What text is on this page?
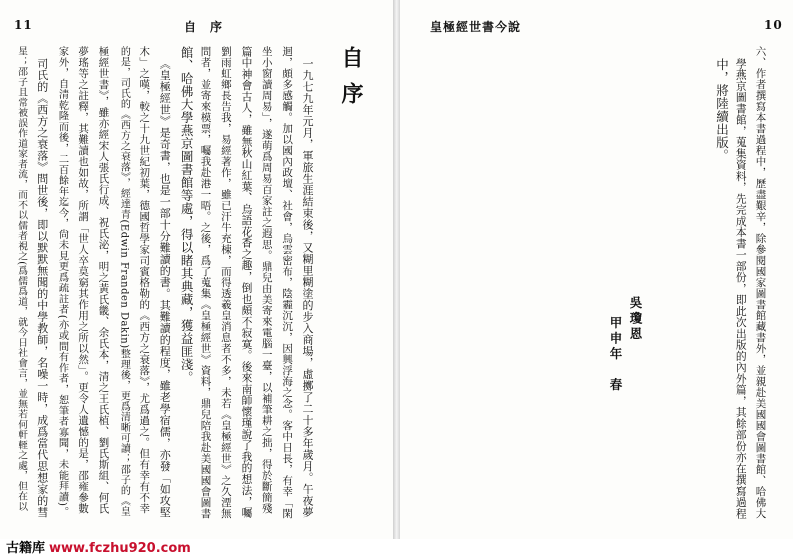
11	自序
自序
一九七九年元月，軍旅生涯結束後，又糊里糊塗的步入商場，虛擲了二十多年歲月。午夜夢
迴，頗多感觸。加以國內政壇、社會，烏雲密布，陰霾沉沉，因興浮海之念。客中日長，有幸「閑
坐小窗讀周易」，遂萌爲周易百家註之遐思。鼎兒由美寄來電腦一臺，以補筆耕之拙，得於斷簡殘
篇中神會古人，雖無秋山紅葉、烏語花香之趣，倒也頗不寂寞。後來南師懷瑾說了我的想法，囑
劉雨虹鄉長告我，易經著作，雖已汗牛充棟，而得透羲皇消息者不多，未若《皇極經世》之久湮無
問者，並寄來模票，囑我赴港一晤。之後，爲了蒐集《皇極經世》資料，鼎兒陪我赴美國國會圖書
館、哈佛大學燕京圖書館等處，得以睹其典藏，獲益匪淺。
《皇極經世》是奇書，也是一部十分難讀的書。其難讀的程度，雖老學宿儒，亦發「如攻堅
木」之嘆，較之十九世紀初葉，德國哲學家司賓格勒的《西方之衰落》，尤爲過之。但有幸有不幸
的是，司氏的《西方之衰落》，經達青(Edwin Franden Dakin)整理後，更爲清晰可讀；邵子的《皇
極經世書》，雖亦經宋人張氏行成、祝氏泌，明之黃氏畿、余氏本，清之王氏植、劉氏斯組、何氏
夢瑤等之註釋，其難讀也如故，所謂「世人卒莫窮其作用之所以然」。更令人遺憾的是，邵雍參數
家外，自清乾隆而後，二百餘年迄今，尙未見更爲疏註者(亦或間有作者，恕筆者寡聞，未能拜讀)。
司氏的《西方之衰落》問世後，即以默默無聞的中學教師，名噪一時，成爲當代思想家的彗
星；邵子且常被誤作道家者流，而不以儒者視之(爲儒爲道，就今日社會言，並無若何軒輊之處，但在以
皇極經世書今說	10
六、作者撰寫本書過程中，歷盡艱辛，除參閱國家圖書館藏書外，並親赴美國國會圖書館、哈佛大
學燕京圖書館，蒐集資料，先完成本書一部份，即此次出版的內外篇，其餘部份亦在撰寫過程
中，將陸續出版。
吳瓊恩
甲申年　春
古籍库 www.fczhu920.com
